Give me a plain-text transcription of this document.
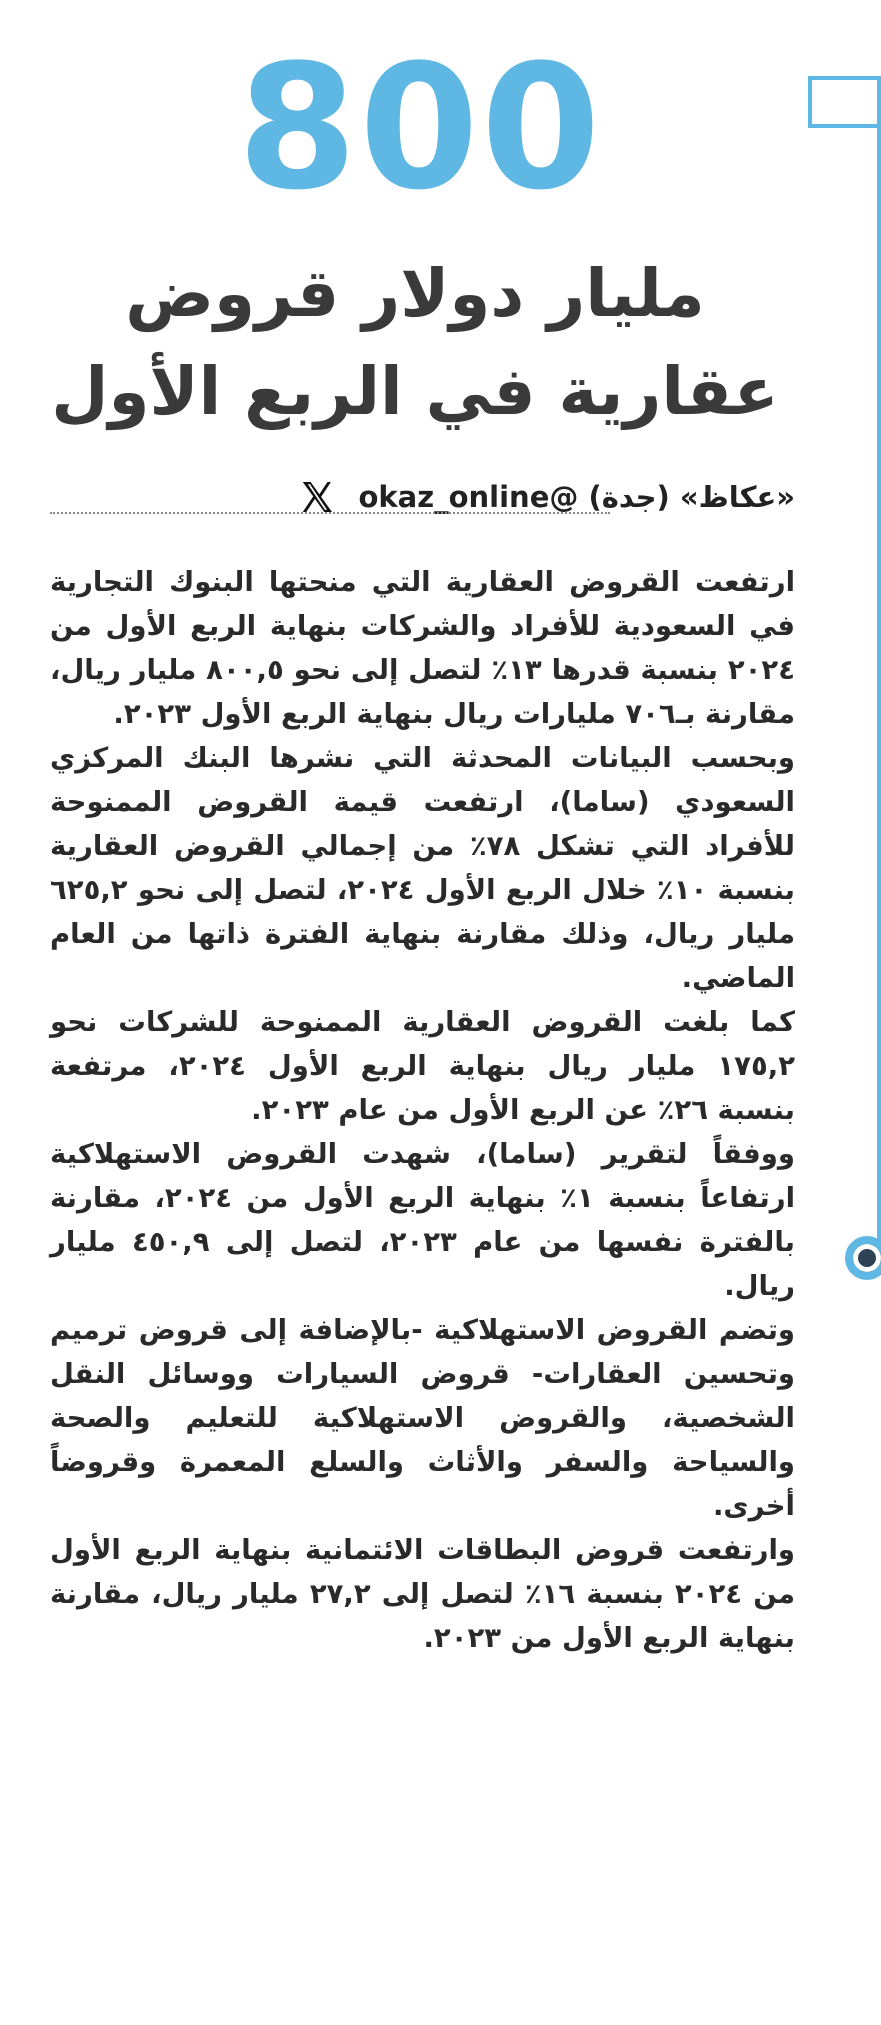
800
مليار دولار قروض عقارية في الربع الأول
«عكاظ» (جدة) @okaz_online

ارتفعت القروض العقارية التي منحتها البنوك التجارية في السعودية للأفراد والشركات بنهاية الربع الأول من ٢٠٢٤ بنسبة قدرها ١٣٪ لتصل إلى نحو ٨٠٠,٥ مليار ريال، مقارنة بـ٧٠٦ مليارات ريال بنهاية الربع الأول ٢٠٢٣.

وبحسب البيانات المحدثة التي نشرها البنك المركزي السعودي (ساما)، ارتفعت قيمة القروض الممنوحة للأفراد التي تشكل ٧٨٪ من إجمالي القروض العقارية بنسبة ١٠٪ خلال الربع الأول ٢٠٢٤، لتصل إلى نحو ٦٢٥,٢ مليار ريال، وذلك مقارنة بنهاية الفترة ذاتها من العام الماضي.

كما بلغت القروض العقارية الممنوحة للشركات نحو ١٧٥,٢ مليار ريال بنهاية الربع الأول ٢٠٢٤، مرتفعة بنسبة ٢٦٪ عن الربع الأول من عام ٢٠٢٣.

ووفقاً لتقرير (ساما)، شهدت القروض الاستهلاكية ارتفاعاً بنسبة ١٪ بنهاية الربع الأول من ٢٠٢٤، مقارنة بالفترة نفسها من عام ٢٠٢٣، لتصل إلى ٤٥٠,٩ مليار ريال.

وتضم القروض الاستهلاكية -بالإضافة إلى قروض ترميم وتحسين العقارات- قروض السيارات ووسائل النقل الشخصية، والقروض الاستهلاكية للتعليم والصحة والسياحة والسفر والأثاث والسلع المعمرة وقروضاً أخرى.

وارتفعت قروض البطاقات الائتمانية بنهاية الربع الأول من ٢٠٢٤ بنسبة ١٦٪ لتصل إلى ٢٧,٢ مليار ريال، مقارنة بنهاية الربع الأول من ٢٠٢٣.
